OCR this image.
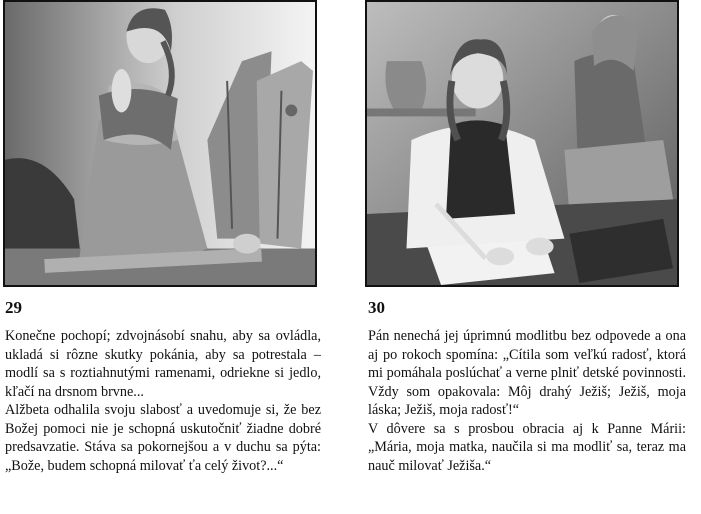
29

Konečne pochopí; zdvojnásobí snahu, aby sa ovládla, ukladá si rôzne skutky pokánia, aby sa potrestala – modlí sa s roztiahnutými ramenami, odriekne si jedlo, kľačí na drsnom brvne...

Alžbeta odhalila svoju slabosť a uvedomuje si, že bez Božej pomoci nie je schopná uskutočniť žiadne dobré predsavzatie. Stáva sa pokornejšou a v duchu sa pýta: „Bože, budem schopná milovať ťa celý život?...“

30

Pán nenechá jej úprimnú modlitbu bez odpovede a ona aj po rokoch spomína: „Cítila som veľkú radosť, ktorá mi pomáhala poslúchať a verne plniť detské povinnosti. Vždy som opakovala: Môj drahý Ježiš; Ježiš, moja láska; Ježiš, moja radosť!“

V dôvere sa s prosbou obracia aj k Panne Márii: „Mária, moja matka, naučila si ma modliť sa, teraz ma nauč milovať Ježiša.“
